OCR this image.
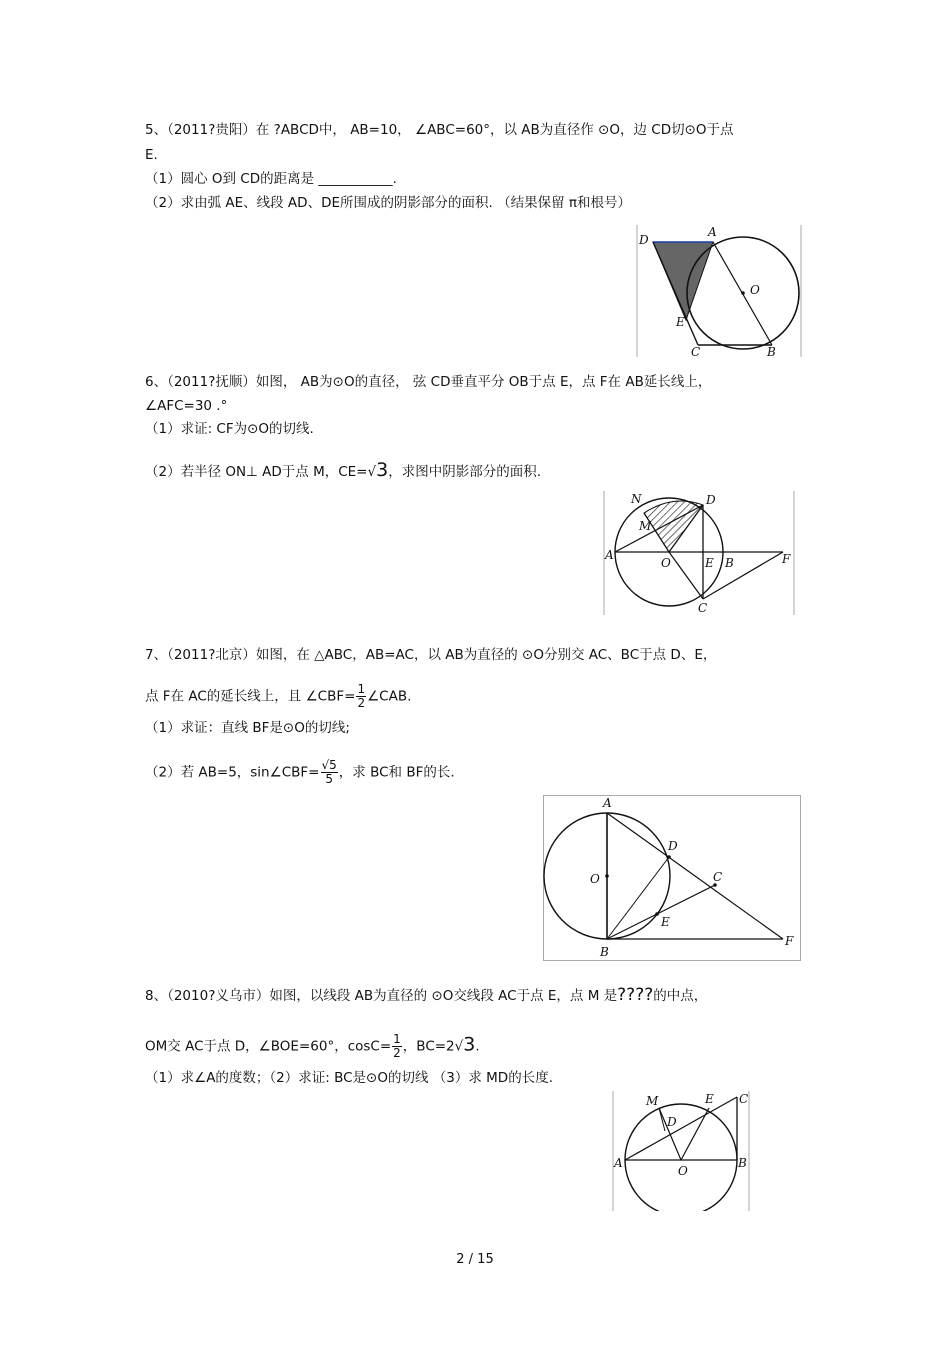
5、（2011?贵阳）在 ?ABCD中， AB=10， ∠ABC=60°，以 AB为直径作 ⊙O，边 CD切⊙O于点
E.
（1）圆心 O到 CD的距离是 ___________.
（2）求由弧 AE、线段 AD、DE所围成的阴影部分的面积. （结果保留 π和根号）
D
A
O
E
C	B
6、（2011?抚顺）如图， AB为⊙O的直径， 弦 CD垂直平分 OB于点 E，点 F在 AB延长线上，
∠AFC=30 .°
（1）求证: CF为⊙O的切线.
（2）若半径 ON⊥ AD于点 M，CE=√3，求图中阴影部分的面积.
N	D
M
A
O	E B	F
C
7、（2011?北京）如图，在 △ABC，AB=AC，以 AB为直径的 ⊙O分别交 AC、BC于点 D、E，
点 F在 AC的延长线上，且 ∠CBF= $\frac{1}{2}$ ∠CAB.
（1）求证：直线 BF是⊙O的切线;
（2）若 AB=5，sin∠CBF= $\frac{√5}{5}$ ，求 BC和 BF的长.
A
D
O	C
E
B
F
8、（2010?义乌市）如图，以线段 AB为直径的 ⊙O交线段 AC于点 E，点 M 是????的中点，
OM交 AC于点 D，∠BOE=60°，$\cos C= \frac{1}{2}$ ，BC=2√3.
（1）求∠A的度数；（2）求证: BC是⊙O的切线 （3）求 MD的长度.
M	E C
D
A
O
B
2 / 15
